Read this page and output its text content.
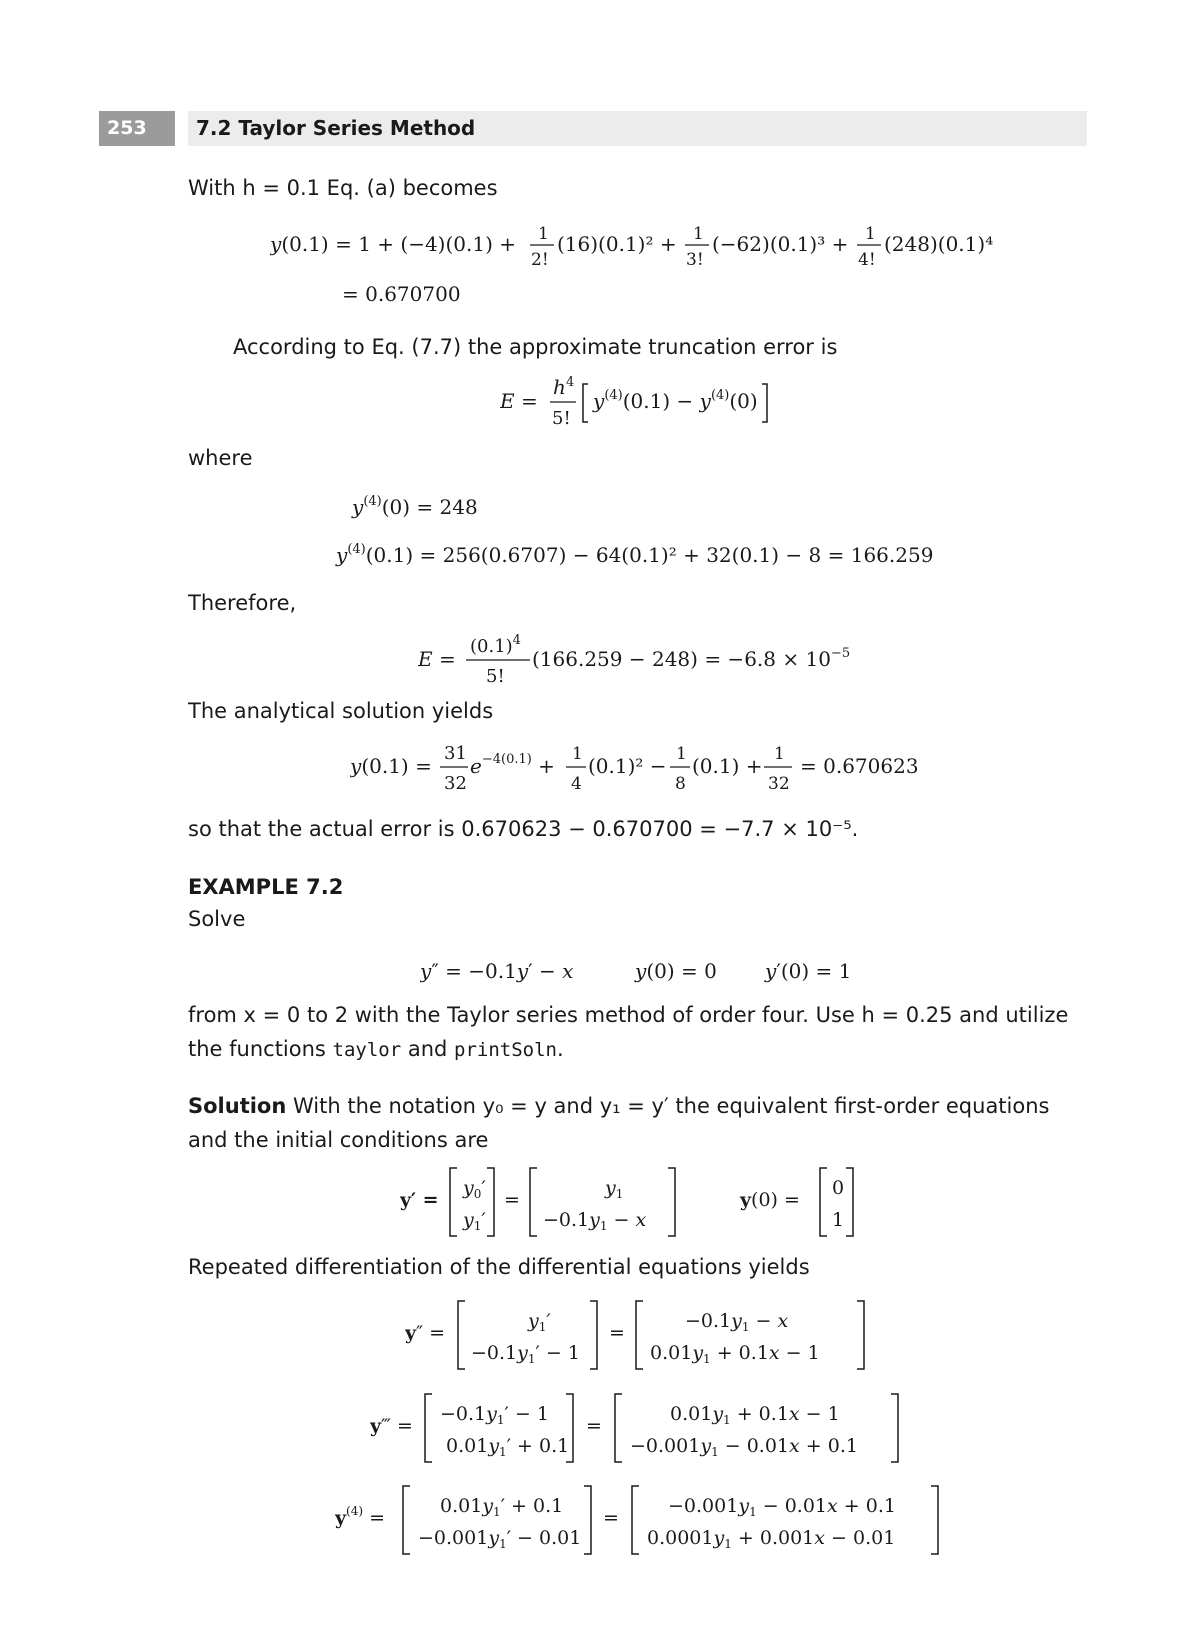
253	7.2 Taylor Series Method
With h = 0.1 Eq. (a) becomes
y(0.1) = 1 + (−4)(0.1) + 1
2!
(16)(0.1)² + 1
3!
(−62)(0.1)³ + 1
4!
(248)(0.1)⁴
= 0.670700
According to Eq. (7.7) the approximate truncation error is
E =
h 4
5!
$y^{(4)}(0.1) - y^{(4)}(0)$
where
$y^{(4)}(0) = 248$
$y^{(4)}(0.1) = 256(0.6707) - 64(0.1)^2 + 32(0.1) - 8 = 166.259$
Therefore,
E =
$(0.1)^4$
5!
$(166.259 - 248) = -6.8 \times 10^{-5}$
The analytical solution yields
y(0.1) =
31
32
$e^{-4(0.1)} + 1$
4
(0.1)² − 1
8
(0.1) + 1
32
= 0.670623
so that the actual error is 0.670623 − 0.670700 = −7.7 × 10⁻⁵.
EXAMPLE 7.2
Solve
y″ = −0.1y′ − x	y(0) = 0 y′(0) = 1
from x = 0 to 2 with the Taylor series method of order four. Use h = 0.25 and utilize
the functions taylor and printSoln.
Solution With the notation y₀ = y and y₁ = y′ the equivalent first-order equations
and the initial conditions are
y′ =
$y_0'$
$y_1'$
=
$y_1$
$-0.1y_1 - x$
y(0) =
0
1
Repeated differentiation of the differential equations yields
y″ =
$y_1'$
$-0.1y_1' - 1$
=
$-0.1y_1 - x$
$0.01y_1 + 0.1x - 1$
y‴ =
$-0.1y_1' - 1$
$0.01y_1' + 0.1$
=
$0.01y_1 + 0.1x - 1$
$-0.001y_1 - 0.01x + 0.1$
$y^{(4)}$ =
$0.01y_1' + 0.1$
$-0.001y_1' - 0.01$
=
$-0.001y_1 - 0.01x + 0.1$
$0.0001y_1 + 0.001x - 0.01$
